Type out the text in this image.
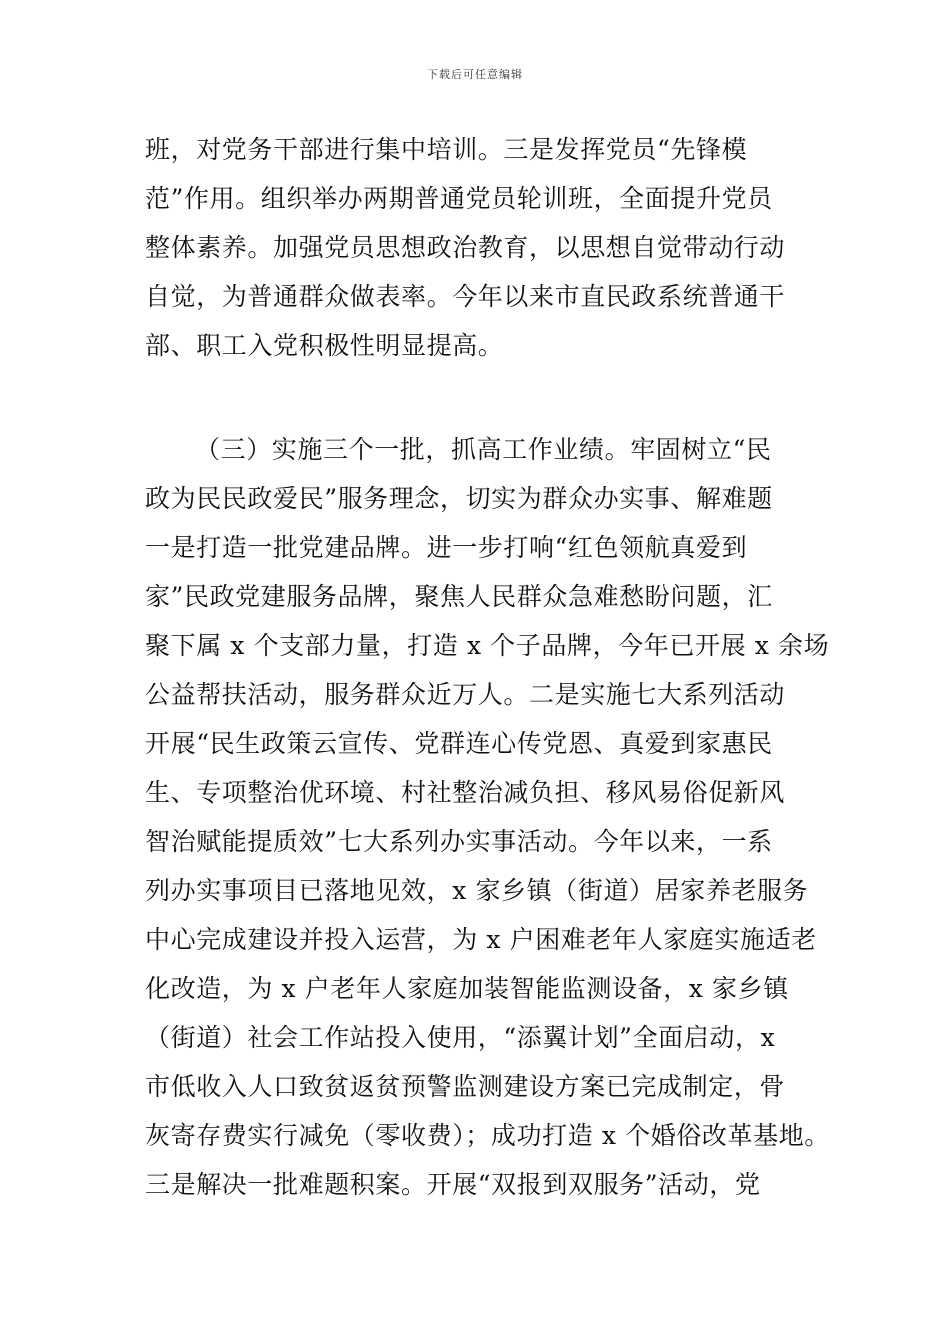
下载后可任意编辑
班，对党务干部进行集中培训。三是发挥党员“先锋模
范”作用。组织举办两期普通党员轮训班，全面提升党员
整体素养。加强党员思想政治教育，以思想自觉带动行动
自觉，为普通群众做表率。今年以来市直民政系统普通干
部、职工入党积极性明显提高。
（三）实施三个一批，抓高工作业绩。牢固树立“民
政为民民政爱民”服务理念，切实为群众办实事、解难题
一是打造一批党建品牌。进一步打响“红色领航真爱到
家”民政党建服务品牌，聚焦人民群众急难愁盼问题，汇
聚下属 x 个支部力量，打造 x 个子品牌，今年已开展 x 余场
公益帮扶活动，服务群众近万人。二是实施七大系列活动
开展“民生政策云宣传、党群连心传党恩、真爱到家惠民
生、专项整治优环境、村社整治减负担、移风易俗促新风
智治赋能提质效”七大系列办实事活动。今年以来，一系
列办实事项目已落地见效，x 家乡镇（街道）居家养老服务
中心完成建设并投入运营，为 x 户困难老年人家庭实施适老
化改造，为 x 户老年人家庭加装智能监测设备，x 家乡镇
（街道）社会工作站投入使用，“添翼计划”全面启动，x
市低收入人口致贫返贫预警监测建设方案已完成制定，骨
灰寄存费实行减免（零收费）；成功打造 x 个婚俗改革基地。
三是解决一批难题积案。开展“双报到双服务”活动，党
